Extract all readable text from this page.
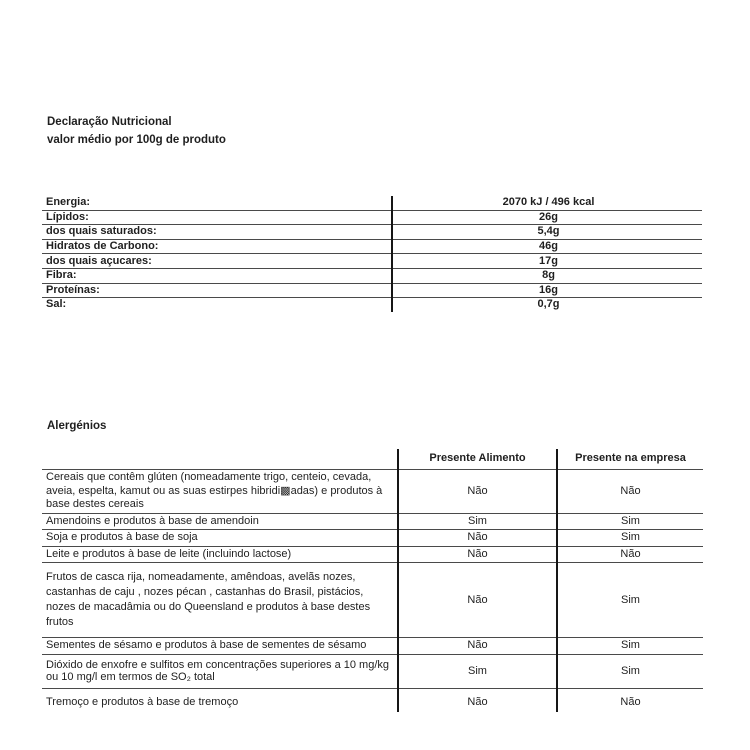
Declaração Nutricional
valor médio por 100g de produto
Energia:	2070 kJ / 496 kcal
Lípidos:	26g
dos quais saturados:	5,4g
Hidratos de Carbono:	46g
dos quais açucares:	17g
Fibra:	8g
Proteínas:	16g
Sal:	0,7g
Alergénios
	Presente Alimento	Presente na empresa
Cereais que contêm glúten (nomeadamente trigo, centeio, cevada, aveia, espelta, kamut ou as suas estirpes hibridi▩adas) e produtos à base destes cereais	Não	Não
Amendoins e produtos à base de amendoin	Sim	Sim
Soja e produtos à base de soja	Não	Sim
Leite e produtos à base de leite (incluindo lactose)	Não	Não
Frutos de casca rija, nomeadamente, amêndoas, avelãs nozes, castanhas de caju , nozes pécan , castanhas do Brasil, pistácios, nozes de macadâmia ou do Queensland e produtos à base destes frutos	Não	Sim
Sementes de sésamo e produtos à base de sementes de sésamo	Não	Sim
Dióxido de enxofre e sulfitos em concentrações superiores a 10 mg/kg ou 10 mg/l em termos de SO₂ total	Sim	Sim
Tremoço e produtos à base de tremoço	Não	Não
